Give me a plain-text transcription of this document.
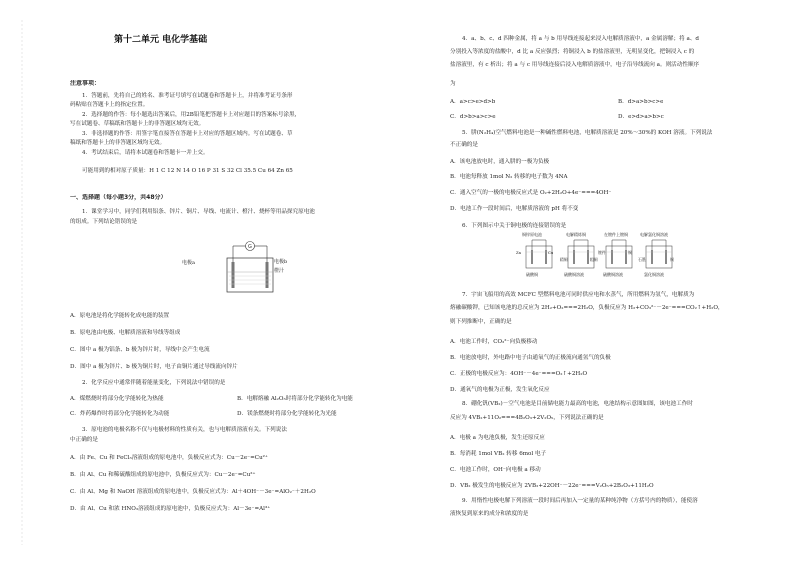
第十二单元 电化学基础
注意事项：
1．答题前，先将自己的姓名、准考证号填写在试题卷和答题卡上，并将准考证号条形
码粘贴在答题卡上的指定位置。
2．选择题的作答：每小题选出答案后，用2B铅笔把答题卡上对应题目的答案标号涂黑，
写在试题卷、草稿纸和答题卡上的非答题区域均无效。
3．非选择题的作答：用签字笔直接答在答题卡上对应的答题区域内。写在试题卷、草
稿纸和答题卡上的非答题区域均无效。
4．考试结束后，请将本试题卷和答题卡一并上交。
可能用到的相对原子质量：H 1 C 12 N 14 O 16 P 31 S 32 Cl 35.5 Cu 64 Zn 65
一、选择题（每小题3分，共48分）
1．课堂学习中，同学们利用铝条、锌片、铜片、导线、电流计、橙汁、烧杯等用品探究原电池
的组成。下列结论错误的是
G
电极a	电极b
橙汁
A．原电池是将化学能转化成电能的装置
B．原电池由电极、电解质溶液和导线等组成
C．图中 a 极为铝条、b 极为锌片时，导线中会产生电流
D．图中 a 极为锌片、b 极为铜片时，电子由铜片通过导线流向锌片
2．化学反应中通常伴随着能量变化，下列说法中错误的是
A．煤燃烧时将部分化学能转化为热能	B．电解熔融 Al₂O₃时将部分化学能转化为电能
C．炸药爆炸时将部分化学能转化为动能	D．镁条燃烧时将部分化学能转化为光能
3．原电池的电极名称不仅与电极材料的性质有关，也与电解质溶液有关。下列说法
中正确的是
A．由 Fe、Cu 和 FeCl₃溶液组成的原电池中，负极反应式为：Cu－2e⁻=Cu²⁺
B．由 Al、Cu 和稀硫酸组成的原电池中，负极反应式为：Cu－2e⁻=Cu²⁺
C．由 Al、Mg 和 NaOH 溶液组成的原电池中，负极反应式为：Al＋4OH⁻－3e⁻=AlO₂⁻＋2H₂O
D．由 Al、Cu 和浓 HNO₃溶液组成的原电池中，负极反应式为：Al－3e⁻=Al³⁺
4．a、b、c、d 四种金属，将 a 与 b 用导线连接起来浸入电解质溶液中，a 金属溶解；将 a、d
分别投入等浓度的盐酸中，d 比 a 反应强烈；将铜浸入 b 的盐溶液里，无明显变化，把铜浸入 c 的
盐溶液里，有 c 析出；将 a 与 c 用导线连接后浸入电解质溶液中，电子沿导线流向 a。则活动性顺序
为
A．a>c>e>d>b	B．d>a>b>c>e
C．d>b>a>c>e	D．e>d>a>b>c
5．肼(N₂H₄)空气燃料电池是一种碱性燃料电池，电解质溶液是 20%～30%的 KOH 溶液。下列说法
不正确的是
A．该电池放电时，通入肼的一极为负极
B．电池每释放 1mol N₂ 转移的电子数为 4NA
C．通入空气的一极的电极反应式是 O₂+2H₂O+4e⁻===4OH⁻
D．电池工作一段时间后，电解质溶液的 pH 将不变
6．下列图示中关于铜电极的连接错误的是
铜锌原电池	电解精炼铜	在镀件上镀铜	电解氯化铜溶液
Zn	Cu
精铜	粗铜
镀件	铜
石墨	铜
硫酸铜	硫酸铜溶液	硫酸铜溶液	氯化铜溶液
7．宇宙飞船用的高效 MCFC 型燃料电池可同时供应电和水蒸气，所用燃料为氢气，电解质为
熔融碳酸钾，已知该电池的总反应为 2H₂+O₂===2H₂O，负极反应为 H₂+CO₃²⁻－2e⁻===CO₂↑+H₂O，
则下列推断中，正确的是
A．电池工作时，CO₃²⁻向负极移动
B．电池放电时，外电路中电子由通氧气的正极流向通氢气的负极
C．正极的电极反应为：4OH⁻－4e⁻===O₂↑+2H₂O
D．通氧气的电极为正极，发生氧化反应
8．硼化钒(VB₂)－空气电池是目前储电能力最高的电池，电池结构示意图如图，该电池工作时
反应为 4VB₂+11O₂===4B₂O₃+2V₂O₅，下列说法正确的是
A．电极 a 为电池负极，发生还原反应
B．每消耗 1mol VB₂ 转移 6mol 电子
C．电池工作时，OH⁻向电极 a 移动
D．VB₂ 极发生的电极反应为 2VB₂+22OH⁻－22e⁻===V₂O₅+2B₂O₃+11H₂O
9．用惰性电极电解下列溶液一段时间后再加入一定量的某种纯净物（方括号内的物质），能使溶
液恢复到原来的成分和浓度的是
